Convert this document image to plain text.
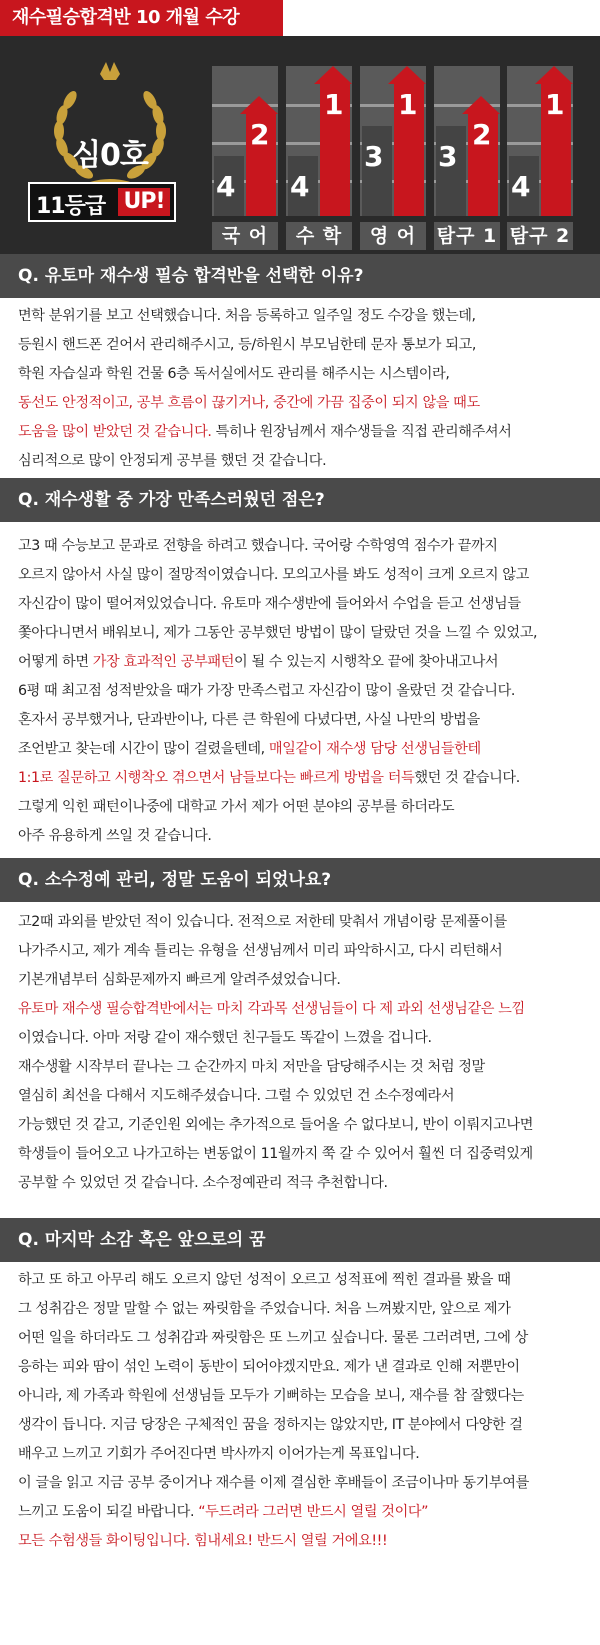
재수필승합격반 10 개월 수강
심0호
11등급 UP! 4
2
국 어
4
1
수 학
3
1
영 어
3
2
탐구 1
4
1
탐구 2
Q. 유토마 재수생 필승 합격반을 선택한 이유?
면학 분위기를 보고 선택했습니다. 처음 등록하고 일주일 정도 수강을 했는데,
등원시 핸드폰 걷어서 관리해주시고, 등/하원시 부모님한테 문자 통보가 되고,
학원 자습실과 학원 건물 6층 독서실에서도 관리를 해주시는 시스템이라,
동선도 안정적이고, 공부 흐름이 끊기거나, 중간에 가끔 집중이 되지 않을 때도
도움을 많이 받았던 것 같습니다. 특히나 원장님께서 재수생들을 직접 관리해주셔서
심리적으로 많이 안정되게 공부를 했던 것 같습니다.
Q. 재수생활 중 가장 만족스러웠던 점은?
고3 때 수능보고 문과로 전향을 하려고 했습니다. 국어랑 수학영역 점수가 끝까지
오르지 않아서 사실 많이 절망적이였습니다. 모의고사를 봐도 성적이 크게 오르지 않고
자신감이 많이 떨어져있었습니다. 유토마 재수생반에 들어와서 수업을 듣고 선생님들
쫓아다니면서 배워보니, 제가 그동안 공부했던 방법이 많이 달랐던 것을 느낄 수 있었고,
어떻게 하면 가장 효과적인 공부패턴이 될 수 있는지 시행착오 끝에 찾아내고나서
6평 때 최고점 성적받았을 때가 가장 만족스럽고 자신감이 많이 올랐던 것 같습니다.
혼자서 공부했거나, 단과반이나, 다른 큰 학원에 다녔다면, 사실 나만의 방법을
조언받고 찾는데 시간이 많이 걸렸을텐데, 매일같이 재수생 담당 선생님들한테
1:1로 질문하고 시행착오 겪으면서 남들보다는 빠르게 방법을 터득했던 것 같습니다.
그렇게 익힌 패턴이나중에 대학교 가서 제가 어떤 분야의 공부를 하더라도
아주 유용하게 쓰일 것 같습니다.
Q. 소수정예 관리, 정말 도움이 되었나요?
고2때 과외를 받았던 적이 있습니다. 전적으로 저한테 맞춰서 개념이랑 문제풀이를
나가주시고, 제가 계속 틀리는 유형을 선생님께서 미리 파악하시고, 다시 리턴해서
기본개념부터 심화문제까지 빠르게 알려주셨었습니다.
유토마 재수생 필승합격반에서는 마치 각과목 선생님들이 다 제 과외 선생님같은 느낌
이였습니다. 아마 저랑 같이 재수했던 친구들도 똑같이 느꼈을 겁니다.
재수생활 시작부터 끝나는 그 순간까지 마치 저만을 담당해주시는 것 처럼 정말
열심히 최선을 다해서 지도해주셨습니다. 그럴 수 있었던 건 소수정예라서
가능했던 것 같고, 기준인원 외에는 추가적으로 들어올 수 없다보니, 반이 이뤄지고나면
학생들이 들어오고 나가고하는 변동없이 11월까지 쭉 갈 수 있어서 훨씬 더 집중력있게
공부할 수 있었던 것 같습니다. 소수정예관리 적극 추천합니다.
Q. 마지막 소감 혹은 앞으로의 꿈
하고 또 하고 아무리 해도 오르지 않던 성적이 오르고 성적표에 찍힌 결과를 봤을 때
그 성취감은 정말 말할 수 없는 짜릿함을 주었습니다. 처음 느껴봤지만, 앞으로 제가
어떤 일을 하더라도 그 성취감과 짜릿함은 또 느끼고 싶습니다. 물론 그러려면, 그에 상
응하는 피와 땀이 섞인 노력이 동반이 되어야겠지만요. 제가 낸 결과로 인해 저뿐만이
아니라, 제 가족과 학원에 선생님들 모두가 기뻐하는 모습을 보니, 재수를 참 잘했다는
생각이 듭니다. 지금 당장은 구체적인 꿈을 정하지는 않았지만, IT 분야에서 다양한 걸
배우고 느끼고 기회가 주어진다면 박사까지 이어가는게 목표입니다.
이 글을 읽고 지금 공부 중이거나 재수를 이제 결심한 후배들이 조금이나마 동기부여를
느끼고 도움이 되길 바랍니다. “두드려라 그러면 반드시 열릴 것이다”
모든 수험생들 화이팅입니다. 힘내세요! 반드시 열릴 거에요!!!
